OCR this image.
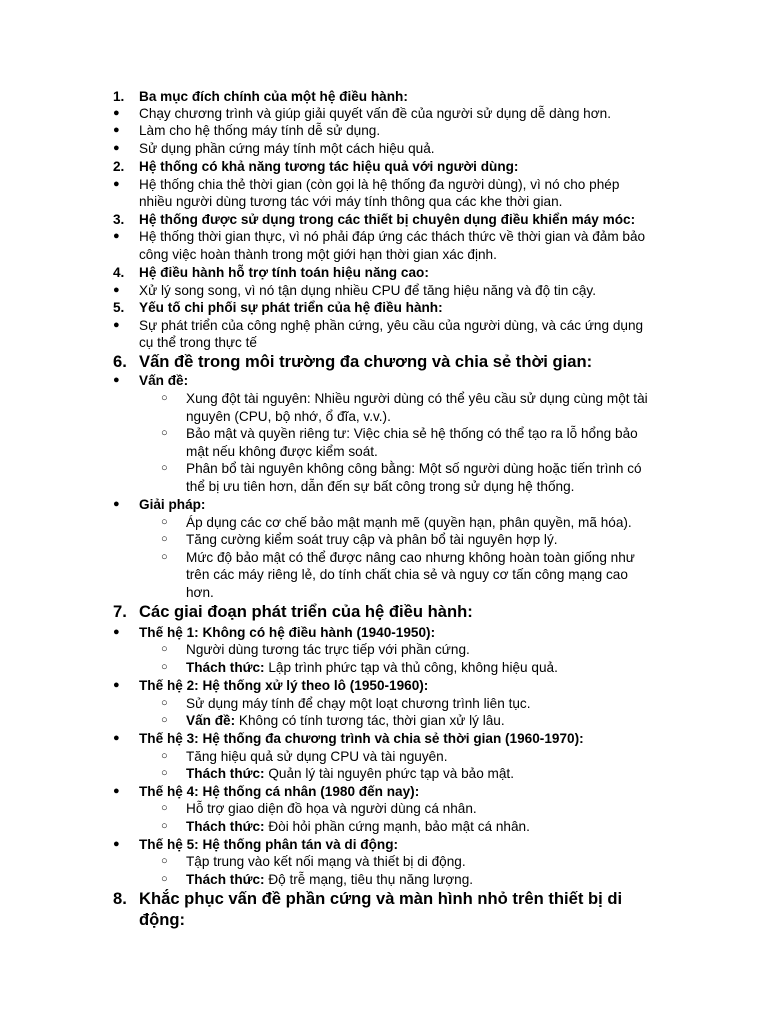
1. Ba mục đích chính của một hệ điều hành:
● Chạy chương trình và giúp giải quyết vấn đề của người sử dụng dễ dàng hơn.
● Làm cho hệ thống máy tính dễ sử dụng.
● Sử dụng phần cứng máy tính một cách hiệu quả.
2. Hệ thống có khả năng tương tác hiệu quả với người dùng:
● Hệ thống chia thẻ thời gian (còn gọi là hệ thống đa người dùng), vì nó cho phép
nhiều người dùng tương tác với máy tính thông qua các khe thời gian.
3. Hệ thống được sử dụng trong các thiết bị chuyên dụng điều khiển máy móc:
● Hệ thống thời gian thực, vì nó phải đáp ứng các thách thức về thời gian và đảm bảo
công việc hoàn thành trong một giới hạn thời gian xác định.
4. Hệ điều hành hỗ trợ tính toán hiệu năng cao:
● Xử lý song song, vì nó tận dụng nhiều CPU để tăng hiệu năng và độ tin cậy.
5. Yếu tố chi phối sự phát triển của hệ điều hành:
● Sự phát triển của công nghệ phần cứng, yêu cầu của người dùng, và các ứng dụng
cụ thể trong thực tế
6. Vấn đề trong môi trường đa chương và chia sẻ thời gian:
● Vấn đề:
○ Xung đột tài nguyên: Nhiều người dùng có thể yêu cầu sử dụng cùng một tài
nguyên (CPU, bộ nhớ, ổ đĩa, v.v.).
○ Bảo mật và quyền riêng tư: Việc chia sẻ hệ thống có thể tạo ra lỗ hổng bảo
mật nếu không được kiểm soát.
○ Phân bổ tài nguyên không công bằng: Một số người dùng hoặc tiến trình có
thể bị ưu tiên hơn, dẫn đến sự bất công trong sử dụng hệ thống.
● Giải pháp:
○ Áp dụng các cơ chế bảo mật mạnh mẽ (quyền hạn, phân quyền, mã hóa).
○ Tăng cường kiểm soát truy cập và phân bổ tài nguyên hợp lý.
○ Mức độ bảo mật có thể được nâng cao nhưng không hoàn toàn giống như
trên các máy riêng lẻ, do tính chất chia sẻ và nguy cơ tấn công mạng cao
hơn.
7. Các giai đoạn phát triển của hệ điều hành:
● Thế hệ 1: Không có hệ điều hành (1940-1950):
○ Người dùng tương tác trực tiếp với phần cứng.
○ Thách thức: Lập trình phức tạp và thủ công, không hiệu quả.
● Thế hệ 2: Hệ thống xử lý theo lô (1950-1960):
○ Sử dụng máy tính để chạy một loạt chương trình liên tục.
○ Vấn đề: Không có tính tương tác, thời gian xử lý lâu.
● Thế hệ 3: Hệ thống đa chương trình và chia sẻ thời gian (1960-1970):
○ Tăng hiệu quả sử dụng CPU và tài nguyên.
○ Thách thức: Quản lý tài nguyên phức tạp và bảo mật.
● Thế hệ 4: Hệ thống cá nhân (1980 đến nay):
○ Hỗ trợ giao diện đồ họa và người dùng cá nhân.
○ Thách thức: Đòi hỏi phần cứng mạnh, bảo mật cá nhân.
● Thế hệ 5: Hệ thống phân tán và di động:
○ Tập trung vào kết nối mạng và thiết bị di động.
○ Thách thức: Độ trễ mạng, tiêu thụ năng lượng.
8. Khắc phục vấn đề phần cứng và màn hình nhỏ trên thiết bị di
động:
